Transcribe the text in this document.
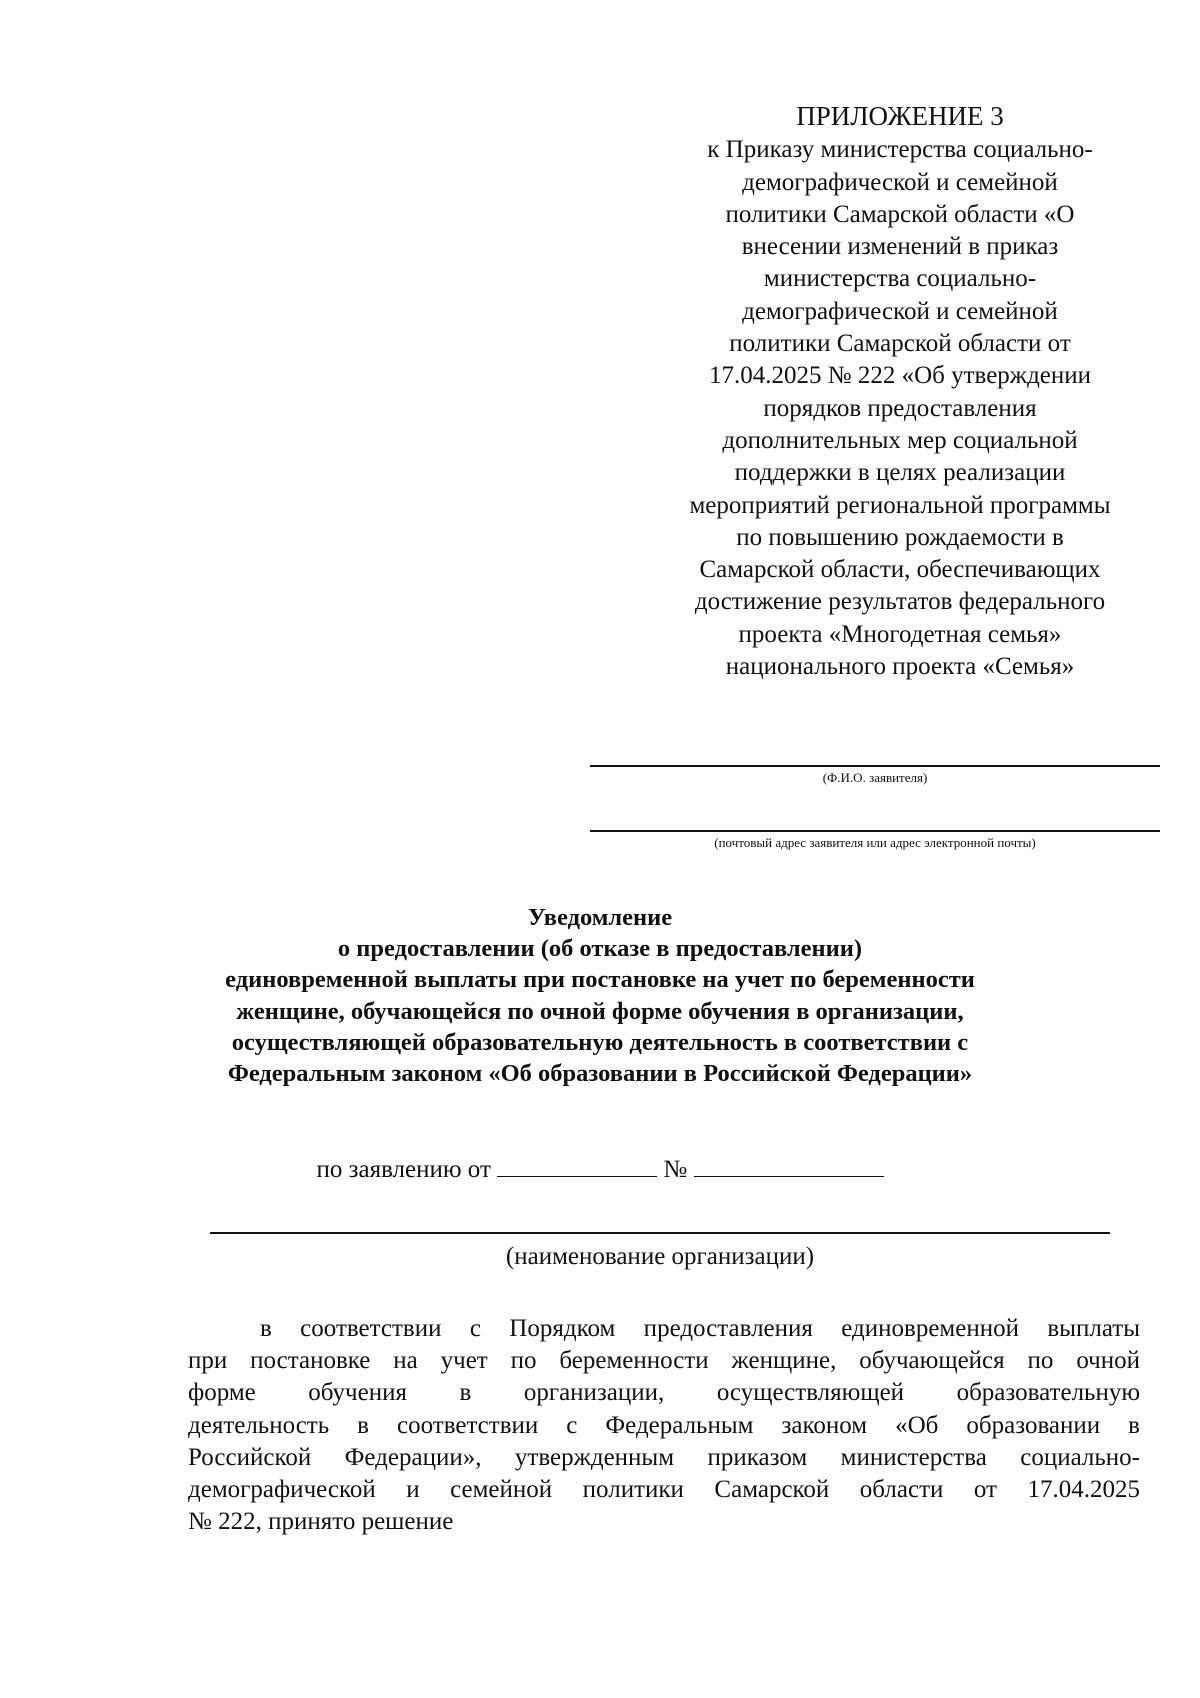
ПРИЛОЖЕНИЕ 3
к Приказу министерства социально-
демографической и семейной
политики Самарской области «О
внесении изменений в приказ
министерства социально-
демографической и семейной
политики Самарской области от
17.04.2025 № 222 «Об утверждении
порядков предоставления
дополнительных мер социальной
поддержки в целях реализации
мероприятий региональной программы
по повышению рождаемости в
Самарской области, обеспечивающих
достижение результатов федерального
проекта «Многодетная семья»
национального проекта «Семья»
(Ф.И.О. заявителя)
(почтовый адрес заявителя или адрес электронной почты)
Уведомление
о предоставлении (об отказе в предоставлении)
единовременной выплаты при постановке на учет по беременности
женщине, обучающейся по очной форме обучения в организации,
осуществляющей образовательную деятельность в соответствии с
Федеральным законом «Об образовании в Российской Федерации»
по заявлению от	№
(наименование организации)
в соответствии с Порядком предоставления единовременной выплаты
при постановке на учет по беременности женщине, обучающейся по очной
форме обучения в организации, осуществляющей образовательную
деятельность в соответствии с Федеральным законом «Об образовании в
Российской Федерации», утвержденным приказом министерства социально-
демографической и семейной политики Самарской области от 17.04.2025
№ 222, принято решение
